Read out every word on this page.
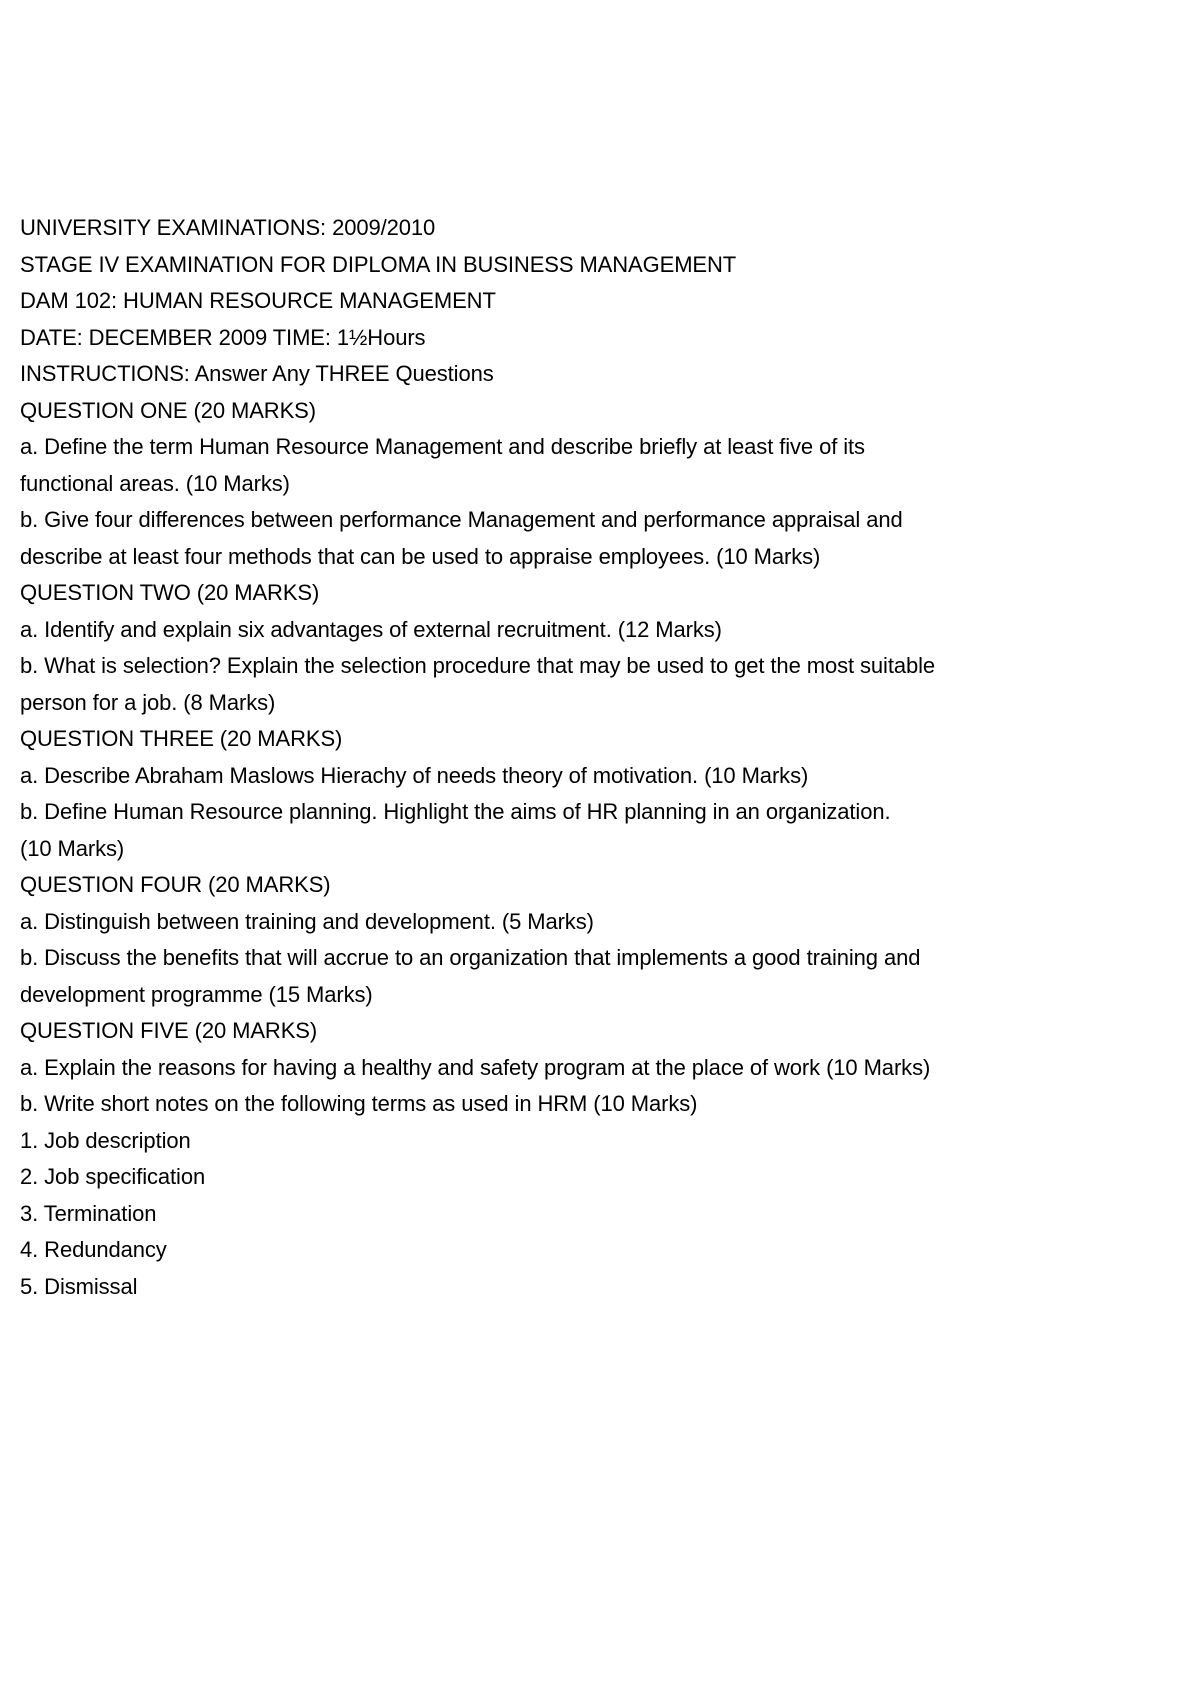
UNIVERSITY EXAMINATIONS: 2009/2010
STAGE IV EXAMINATION FOR DIPLOMA IN BUSINESS MANAGEMENT
DAM 102: HUMAN RESOURCE MANAGEMENT
DATE: DECEMBER 2009 TIME: 1½Hours
INSTRUCTIONS: Answer Any THREE Questions
QUESTION ONE (20 MARKS)
a. Define the term Human Resource Management and describe briefly at least five of its
functional areas. (10 Marks)
b. Give four differences between performance Management and performance appraisal and
describe at least four methods that can be used to appraise employees. (10 Marks)
QUESTION TWO (20 MARKS)
a. Identify and explain six advantages of external recruitment. (12 Marks)
b. What is selection? Explain the selection procedure that may be used to get the most suitable
person for a job. (8 Marks)
QUESTION THREE (20 MARKS)
a. Describe Abraham Maslows Hierachy of needs theory of motivation. (10 Marks)
b. Define Human Resource planning. Highlight the aims of HR planning in an organization.
(10 Marks)
QUESTION FOUR (20 MARKS)
a. Distinguish between training and development. (5 Marks)
b. Discuss the benefits that will accrue to an organization that implements a good training and
development programme (15 Marks)
QUESTION FIVE (20 MARKS)
a. Explain the reasons for having a healthy and safety program at the place of work (10 Marks)
b. Write short notes on the following terms as used in HRM (10 Marks)
1. Job description
2. Job specification
3. Termination
4. Redundancy
5. Dismissal
